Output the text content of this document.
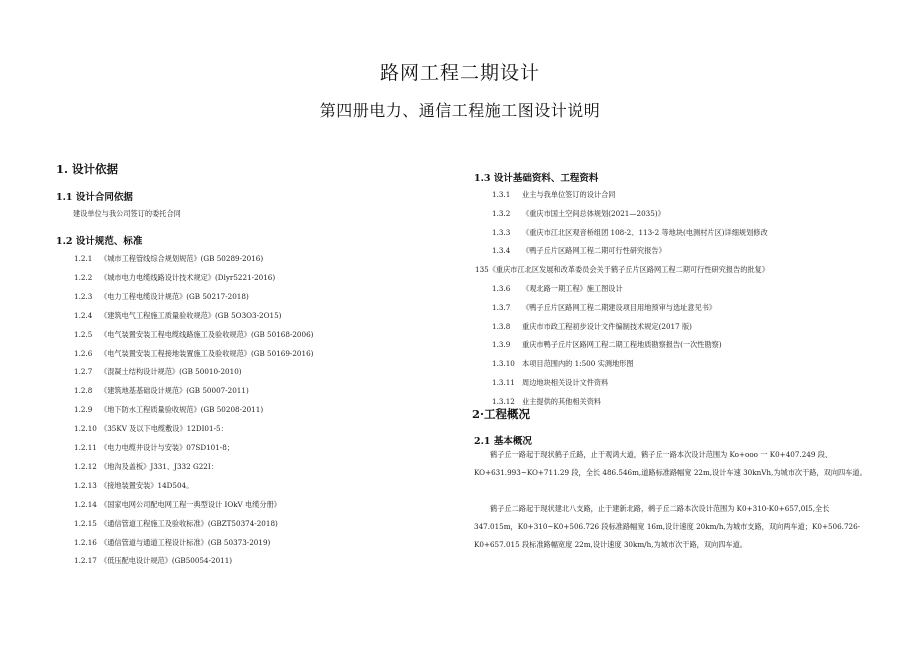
路网工程二期设计
第四册电力、通信工程施工图设计说明
1. 设计依据
1.1 设计合同依据
建设单位与我公司签订的委托合同
1.2 设计规范、标准
1.2.1 《城市工程管线综合规划规范》(GB 50289-2016)
1.2.2 《城市电力电缆线路设计技术规定》(Dlyr5221-2016)
1.2.3 《电力工程电缆设计规范》(GB 50217-2018)
1.2.4 《建筑电气工程施工质量验收规范》(GB 5O3O3-2O15)
1.2.5 《电气装置安装工程电缆线路施工及验收规范》(GB 50168-2006)
1.2.6 《电气装置安装工程接地装置施工及验收规范》(GB 50169-2016)
1.2.7 《混凝土结构设计规范》(GB 50010-2010)
1.2.8 《建筑地基基础设计规范》(GB 50007-2011)
1.2.9 《地下防水工程质量验收规范》(GB 50208-2011)
1.2.10 《35KV 及以下电缆敷设》12DI01-5：
1.2.11 《电力电缆井设计与安装》07SD101-8；
1.2.12 《地沟及盖板》J331、J332 G22I：
1.2.13 《接地装置安装》14D504。
1.2.14 《国家电网公司配电网工程一典型设计 IOkV 电缆分册》
1.2.15 《通信管道工程施工及验收标准》(GBZT50374-2018)
1.2.16 《通信管道与通道工程设计标准》(GB 50373-2019)
1.2.17 《低压配电设计规范》(GB50054-2011)
1.3 设计基础资料、工程资料
1.3.1 业主与我单位签订的设计合同
1.3.2 《重庆市国土空间总体规划(2021—2035)》
1.3.3 《重庆市江北区观音桥组团 108-2、113-2 等地块(电测村片区)详细规划修改
1.3.4 《鸭子丘片区路网工程二期可行性研究报告》
135《重庆市江北区发展和改革委员会关于鹤子丘片区路网工程二期可行性研究报告的批复》
1.3.6 《观北路一期工程》施工图设计
1.3.7 《鸭子丘片区路网工程二期建设项目用地预审与选址意见书》
1.3.8 重庆市市政工程初步设计文件编制技术规定(2017 版)
1.3.9 重庆市鸭子丘片区路网工程二期工程地质勘察报告(一次性勘察)
1.3.10 本项目范围内的 1:500 实测地形图
1.3.11 周边地块相关设计文件资料
1.3.12 业主提供的其他相关资料
2·工程概况
2.1 基本概况
鹤子丘一路起于现状鹤子丘路，止于观鸿大道，鹤子丘一路本次设计范围为 Ko+ooo 一 K0+407.249 段、KO+631.993~KO+711.29 段，全长 486.546m,道路标准路幅宽 22m,设计车速 30knVh,为城市次干路，双向四车道。
鹤子丘二路起于现状建北八支路，止于建新北路，鹈子丘二路本次设计范围为 K0+310-K0+657,0I5,全长 347.015m，K0+310~K0+506.726 段标准路幅宽 16m,设计速度 20km/h,为城市支路，双向两车道；K0+506.726-K0+657.015 段标准路幅宽度 22m,设计速度 30km/h,为城市次干路，双向四车道。
